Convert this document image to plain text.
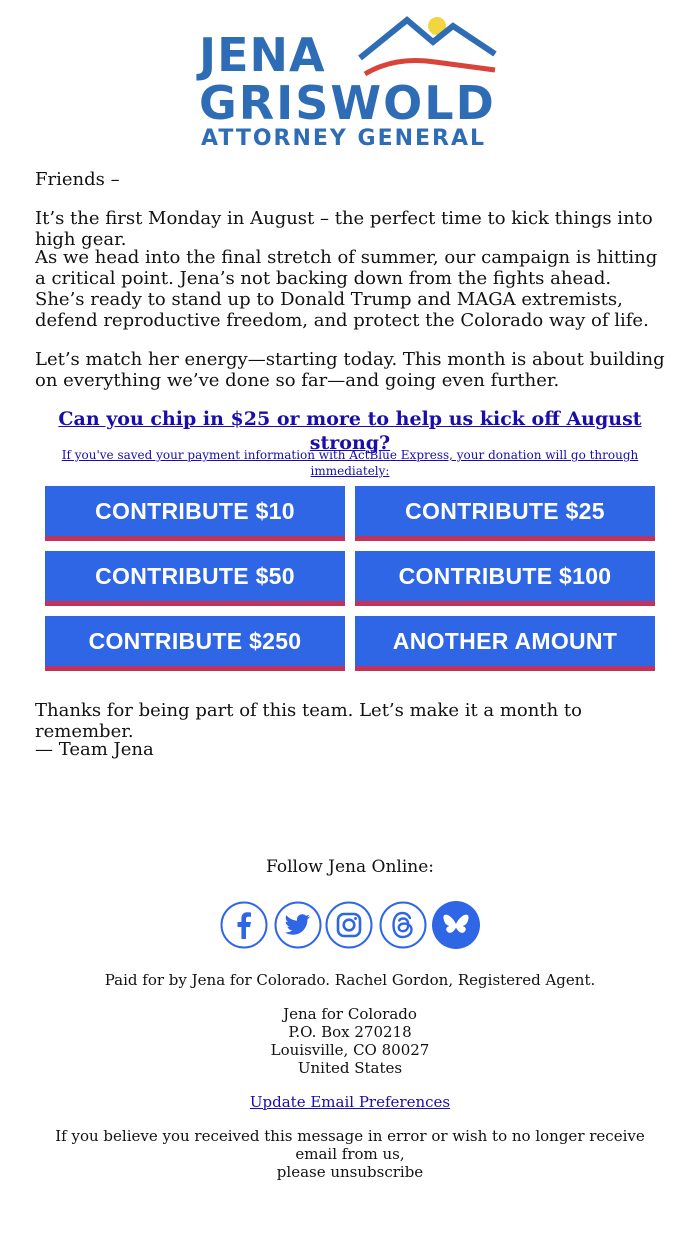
JENA
GRISWOLD
ATTORNEY GENERAL

Friends –

It’s the first Monday in August – the perfect time to kick things into high gear.

As we head into the final stretch of summer, our campaign is hitting a critical point. Jena’s not backing down from the fights ahead. She’s ready to stand up to Donald Trump and MAGA extremists, defend reproductive freedom, and protect the Colorado way of life.

Let’s match her energy—starting today. This month is about building on everything we’ve done so far—and going even further.

Can you chip in $25 or more to help us kick off August strong?
If you've saved your payment information with ActBlue Express, your donation will go through immediately:
CONTRIBUTE $10	CONTRIBUTE $25
CONTRIBUTE $50	CONTRIBUTE $100
CONTRIBUTE $250	ANOTHER AMOUNT

Thanks for being part of this team. Let’s make it a month to remember.

— Team Jena

Follow Jena Online:
Paid for by Jena for Colorado. Rachel Gordon, Registered Agent.
Jena for Colorado
P.O. Box 270218
Louisville, CO 80027
United States
Update Email Preferences
If you believe you received this message in error or wish to no longer receive email from us,
please unsubscribe
